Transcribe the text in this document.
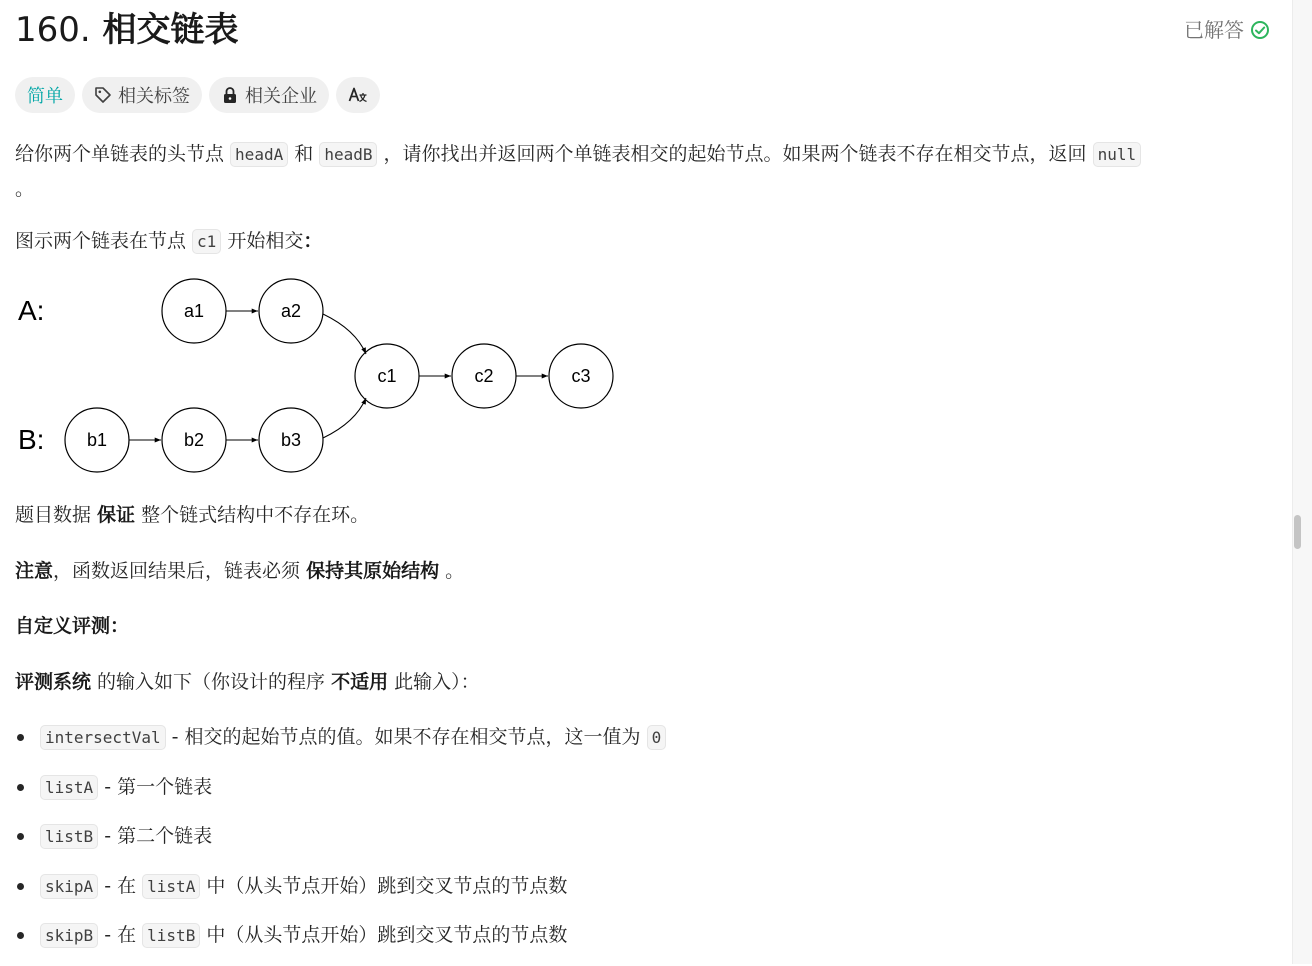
160. 相交链表	已解答
简单	相关标签	相关企业
给你两个单链表的头节点 headA 和 headB ，请你找出并返回两个单链表相交的起始节点。如果两个链表不存在相交节点，返回 null
。
图示两个链表在节点 c1 开始相交：
A:
B:
a1	a2
c1	c2	c3
b1	b2	b3
题目数据 保证 整个链式结构中不存在环。
注意，函数返回结果后，链表必须 保持其原始结构 。
自定义评测：
评测系统 的输入如下（你设计的程序 不适用 此输入）：
intersectVal - 相交的起始节点的值。如果不存在相交节点，这一值为 0
listA - 第一个链表
listB - 第二个链表
skipA - 在 listA 中（从头节点开始）跳到交叉节点的节点数
skipB - 在 listB 中（从头节点开始）跳到交叉节点的节点数
